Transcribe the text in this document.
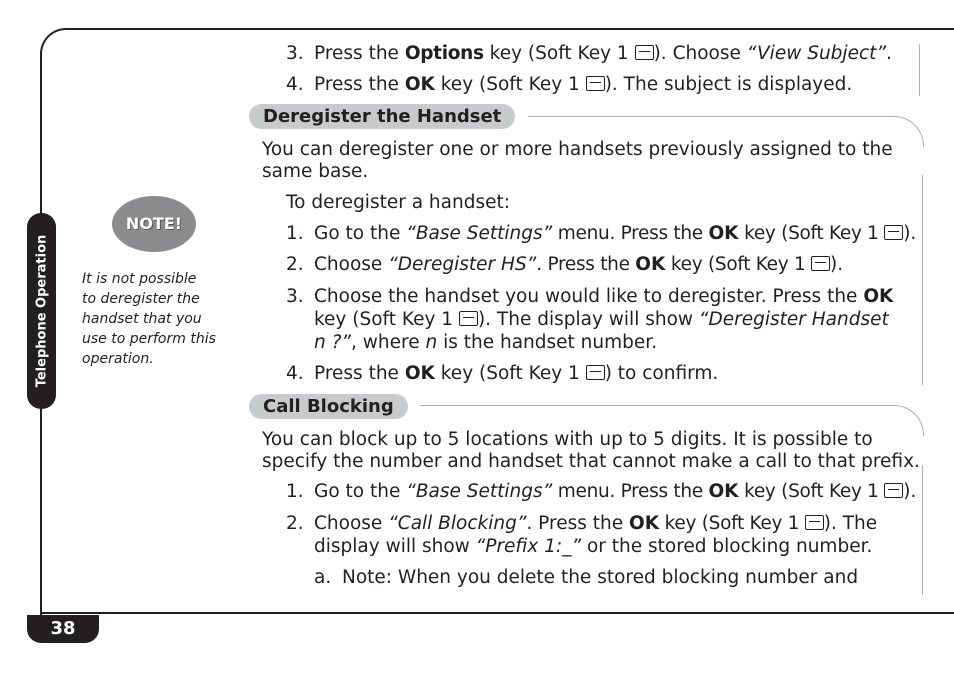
Telephone Operation
38
NOTE!
It is not possible
to deregister the
handset that you
use to perform this
operation.
3. Press the Options key (Soft Key 1 ). Choose “View Subject”.
4. Press the OK key (Soft Key 1 ). The subject is displayed.
Deregister the Handset
You can deregister one or more handsets previously assigned to the
same base.
To deregister a handset:
1. Go to the “Base Settings” menu. Press the OK key (Soft Key 1 ).
2. Choose “Deregister HS”. Press the OK key (Soft Key 1 ).
3. Choose the handset you would like to deregister. Press the OK
key (Soft Key 1 ). The display will show “Deregister Handset
n ?”, where n is the handset number.
4. Press the OK key (Soft Key 1 ) to confirm.
Call Blocking
You can block up to 5 locations with up to 5 digits. It is possible to
specify the number and handset that cannot make a call to that prefix.
1. Go to the “Base Settings” menu. Press the OK key (Soft Key 1 ).
2. Choose “Call Blocking”. Press the OK key (Soft Key 1 ). The
display will show “Prefix 1:_” or the stored blocking number.
a. Note: When you delete the stored blocking number and
